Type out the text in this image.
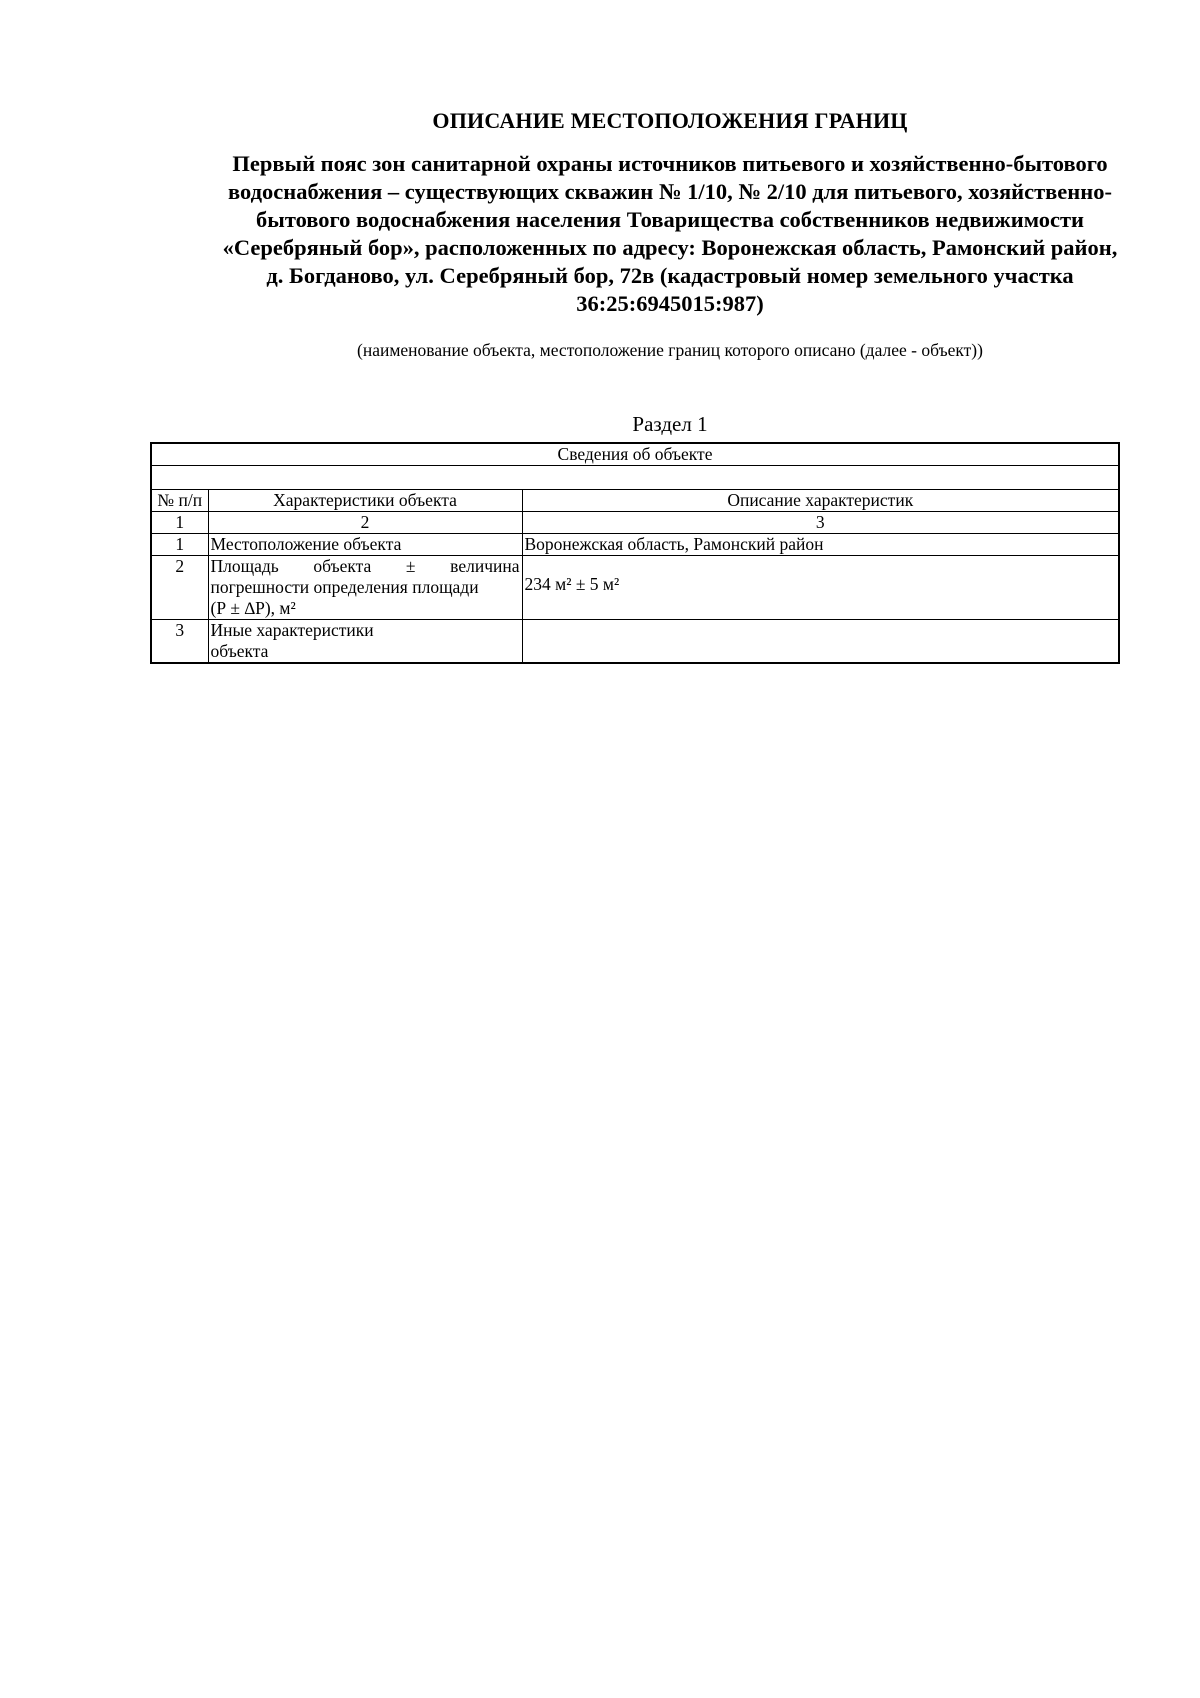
ОПИСАНИЕ МЕСТОПОЛОЖЕНИЯ ГРАНИЦ
Первый пояс зон санитарной охраны источников питьевого и хозяйственно-бытового
водоснабжения – существующих скважин № 1/10, № 2/10 для питьевого, хозяйственно-
бытового водоснабжения населения Товарищества собственников недвижимости
«Серебряный бор», расположенных по адресу: Воронежская область, Рамонский район,
д. Богданово, ул. Серебряный бор, 72в (кадастровый номер земельного участка
36:25:6945015:987)
(наименование объекта, местоположение границ которого описано (далее - объект))
Раздел 1
Сведения об объекте		

№ п/п	Характеристики объекта	Описание характеристик
1	2	3
1	Местоположение объекта	Воронежская область, Рамонский район
2	Площадь объекта ± величина
погрешности определения площади
(Р ± ∆Р), м²	234 м² ± 5 м²
3	Иные характеристики
объекта	
